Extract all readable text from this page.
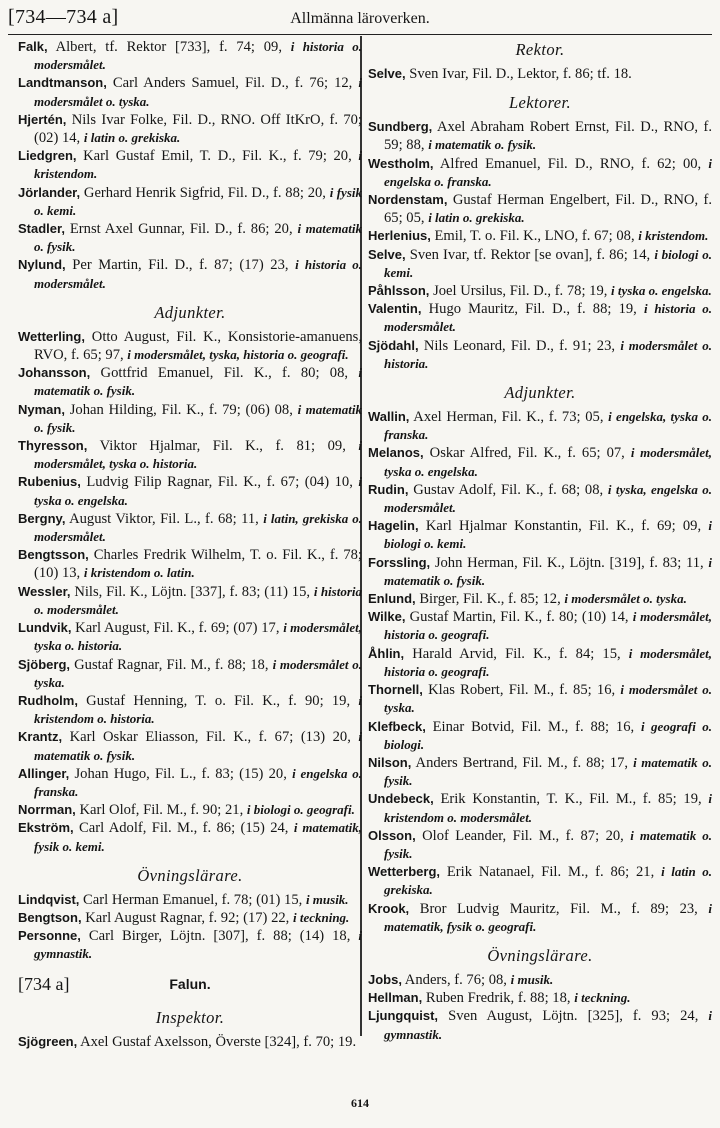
[734—734 a]	Allmänna läroverken.

Falk, Albert, tf. Rektor [733], f. 74; 09, i historia o. modersmålet.

Landtmanson, Carl Anders Samuel, Fil. D., f. 76; 12, i modersmålet o. tyska.

Hjertén, Nils Ivar Folke, Fil. D., RNO. Off ItKrO, f. 70; (02) 14, i latin o. grekiska.

Liedgren, Karl Gustaf Emil, T. D., Fil. K., f. 79; 20, i kristendom.

Jörlander, Gerhard Henrik Sigfrid, Fil. D., f. 88; 20, i fysik o. kemi.

Stadler, Ernst Axel Gunnar, Fil. D., f. 86; 20, i matematik o. fysik.

Nylund, Per Martin, Fil. D., f. 87; (17) 23, i historia o. modersmålet.

Adjunkter.

Wetterling, Otto August, Fil. K., Konsistorie-amanuens, RVO, f. 65; 97, i modersmålet, tyska, historia o. geografi.

Johansson, Gottfrid Emanuel, Fil. K., f. 80; 08, i matematik o. fysik.

Nyman, Johan Hilding, Fil. K., f. 79; (06) 08, i matematik o. fysik.

Thyresson, Viktor Hjalmar, Fil. K., f. 81; 09, i modersmålet, tyska o. historia.

Rubenius, Ludvig Filip Ragnar, Fil. K., f. 67; (04) 10, i tyska o. engelska.

Bergny, August Viktor, Fil. L., f. 68; 11, i latin, grekiska o. modersmålet.

Bengtsson, Charles Fredrik Wilhelm, T. o. Fil. K., f. 78; (10) 13, i kristendom o. latin.

Wessler, Nils, Fil. K., Löjtn. [337], f. 83; (11) 15, i historia o. modersmålet.

Lundvik, Karl August, Fil. K., f. 69; (07) 17, i modersmålet, tyska o. historia.

Sjöberg, Gustaf Ragnar, Fil. M., f. 88; 18, i modersmålet o. tyska.

Rudholm, Gustaf Henning, T. o. Fil. K., f. 90; 19, i kristendom o. historia.

Krantz, Karl Oskar Eliasson, Fil. K., f. 67; (13) 20, i matematik o. fysik.

Allinger, Johan Hugo, Fil. L., f. 83; (15) 20, i engelska o. franska.

Norrman, Karl Olof, Fil. M., f. 90; 21, i biologi o. geografi.

Ekström, Carl Adolf, Fil. M., f. 86; (15) 24, i matematik, fysik o. kemi.

Övningslärare.

Lindqvist, Carl Herman Emanuel, f. 78; (01) 15, i musik.

Bengtson, Karl August Ragnar, f. 92; (17) 22, i teckning.

Personne, Carl Birger, Löjtn. [307], f. 88; (14) 18, i gymnastik.

[734 a]	Falun.
Inspektor.

Sjögreen, Axel Gustaf Axelsson, Överste [324], f. 70; 19.

Rektor.

Selve, Sven Ivar, Fil. D., Lektor, f. 86; tf. 18.

Lektorer.

Sundberg, Axel Abraham Robert Ernst, Fil. D., RNO, f. 59; 88, i matematik o. fysik.

Westholm, Alfred Emanuel, Fil. D., RNO, f. 62; 00, i engelska o. franska.

Nordenstam, Gustaf Herman Engelbert, Fil. D., RNO, f. 65; 05, i latin o. grekiska.

Herlenius, Emil, T. o. Fil. K., LNO, f. 67; 08, i kristendom.

Selve, Sven Ivar, tf. Rektor [se ovan], f. 86; 14, i biologi o. kemi.

Påhlsson, Joel Ursilus, Fil. D., f. 78; 19, i tyska o. engelska.

Valentin, Hugo Mauritz, Fil. D., f. 88; 19, i historia o. modersmålet.

Sjödahl, Nils Leonard, Fil. D., f. 91; 23, i modersmålet o. historia.

Adjunkter.

Wallin, Axel Herman, Fil. K., f. 73; 05, i engelska, tyska o. franska.

Melanos, Oskar Alfred, Fil. K., f. 65; 07, i modersmålet, tyska o. engelska.

Rudin, Gustav Adolf, Fil. K., f. 68; 08, i tyska, engelska o. modersmålet.

Hagelin, Karl Hjalmar Konstantin, Fil. K., f. 69; 09, i biologi o. kemi.

Forssling, John Herman, Fil. K., Löjtn. [319], f. 83; 11, i matematik o. fysik.

Enlund, Birger, Fil. K., f. 85; 12, i modersmålet o. tyska.

Wilke, Gustaf Martin, Fil. K., f. 80; (10) 14, i modersmålet, historia o. geografi.

Åhlin, Harald Arvid, Fil. K., f. 84; 15, i modersmålet, historia o. geografi.

Thornell, Klas Robert, Fil. M., f. 85; 16, i modersmålet o. tyska.

Klefbeck, Einar Botvid, Fil. M., f. 88; 16, i geografi o. biologi.

Nilson, Anders Bertrand, Fil. M., f. 88; 17, i matematik o. fysik.

Undebeck, Erik Konstantin, T. K., Fil. M., f. 85; 19, i kristendom o. modersmålet.

Olsson, Olof Leander, Fil. M., f. 87; 20, i matematik o. fysik.

Wetterberg, Erik Natanael, Fil. M., f. 86; 21, i latin o. grekiska.

Krook, Bror Ludvig Mauritz, Fil. M., f. 89; 23, i matematik, fysik o. geografi.

Övningslärare.

Jobs, Anders, f. 76; 08, i musik.

Hellman, Ruben Fredrik, f. 88; 18, i teckning.

Ljungquist, Sven August, Löjtn. [325], f. 93; 24, i gymnastik.

614
